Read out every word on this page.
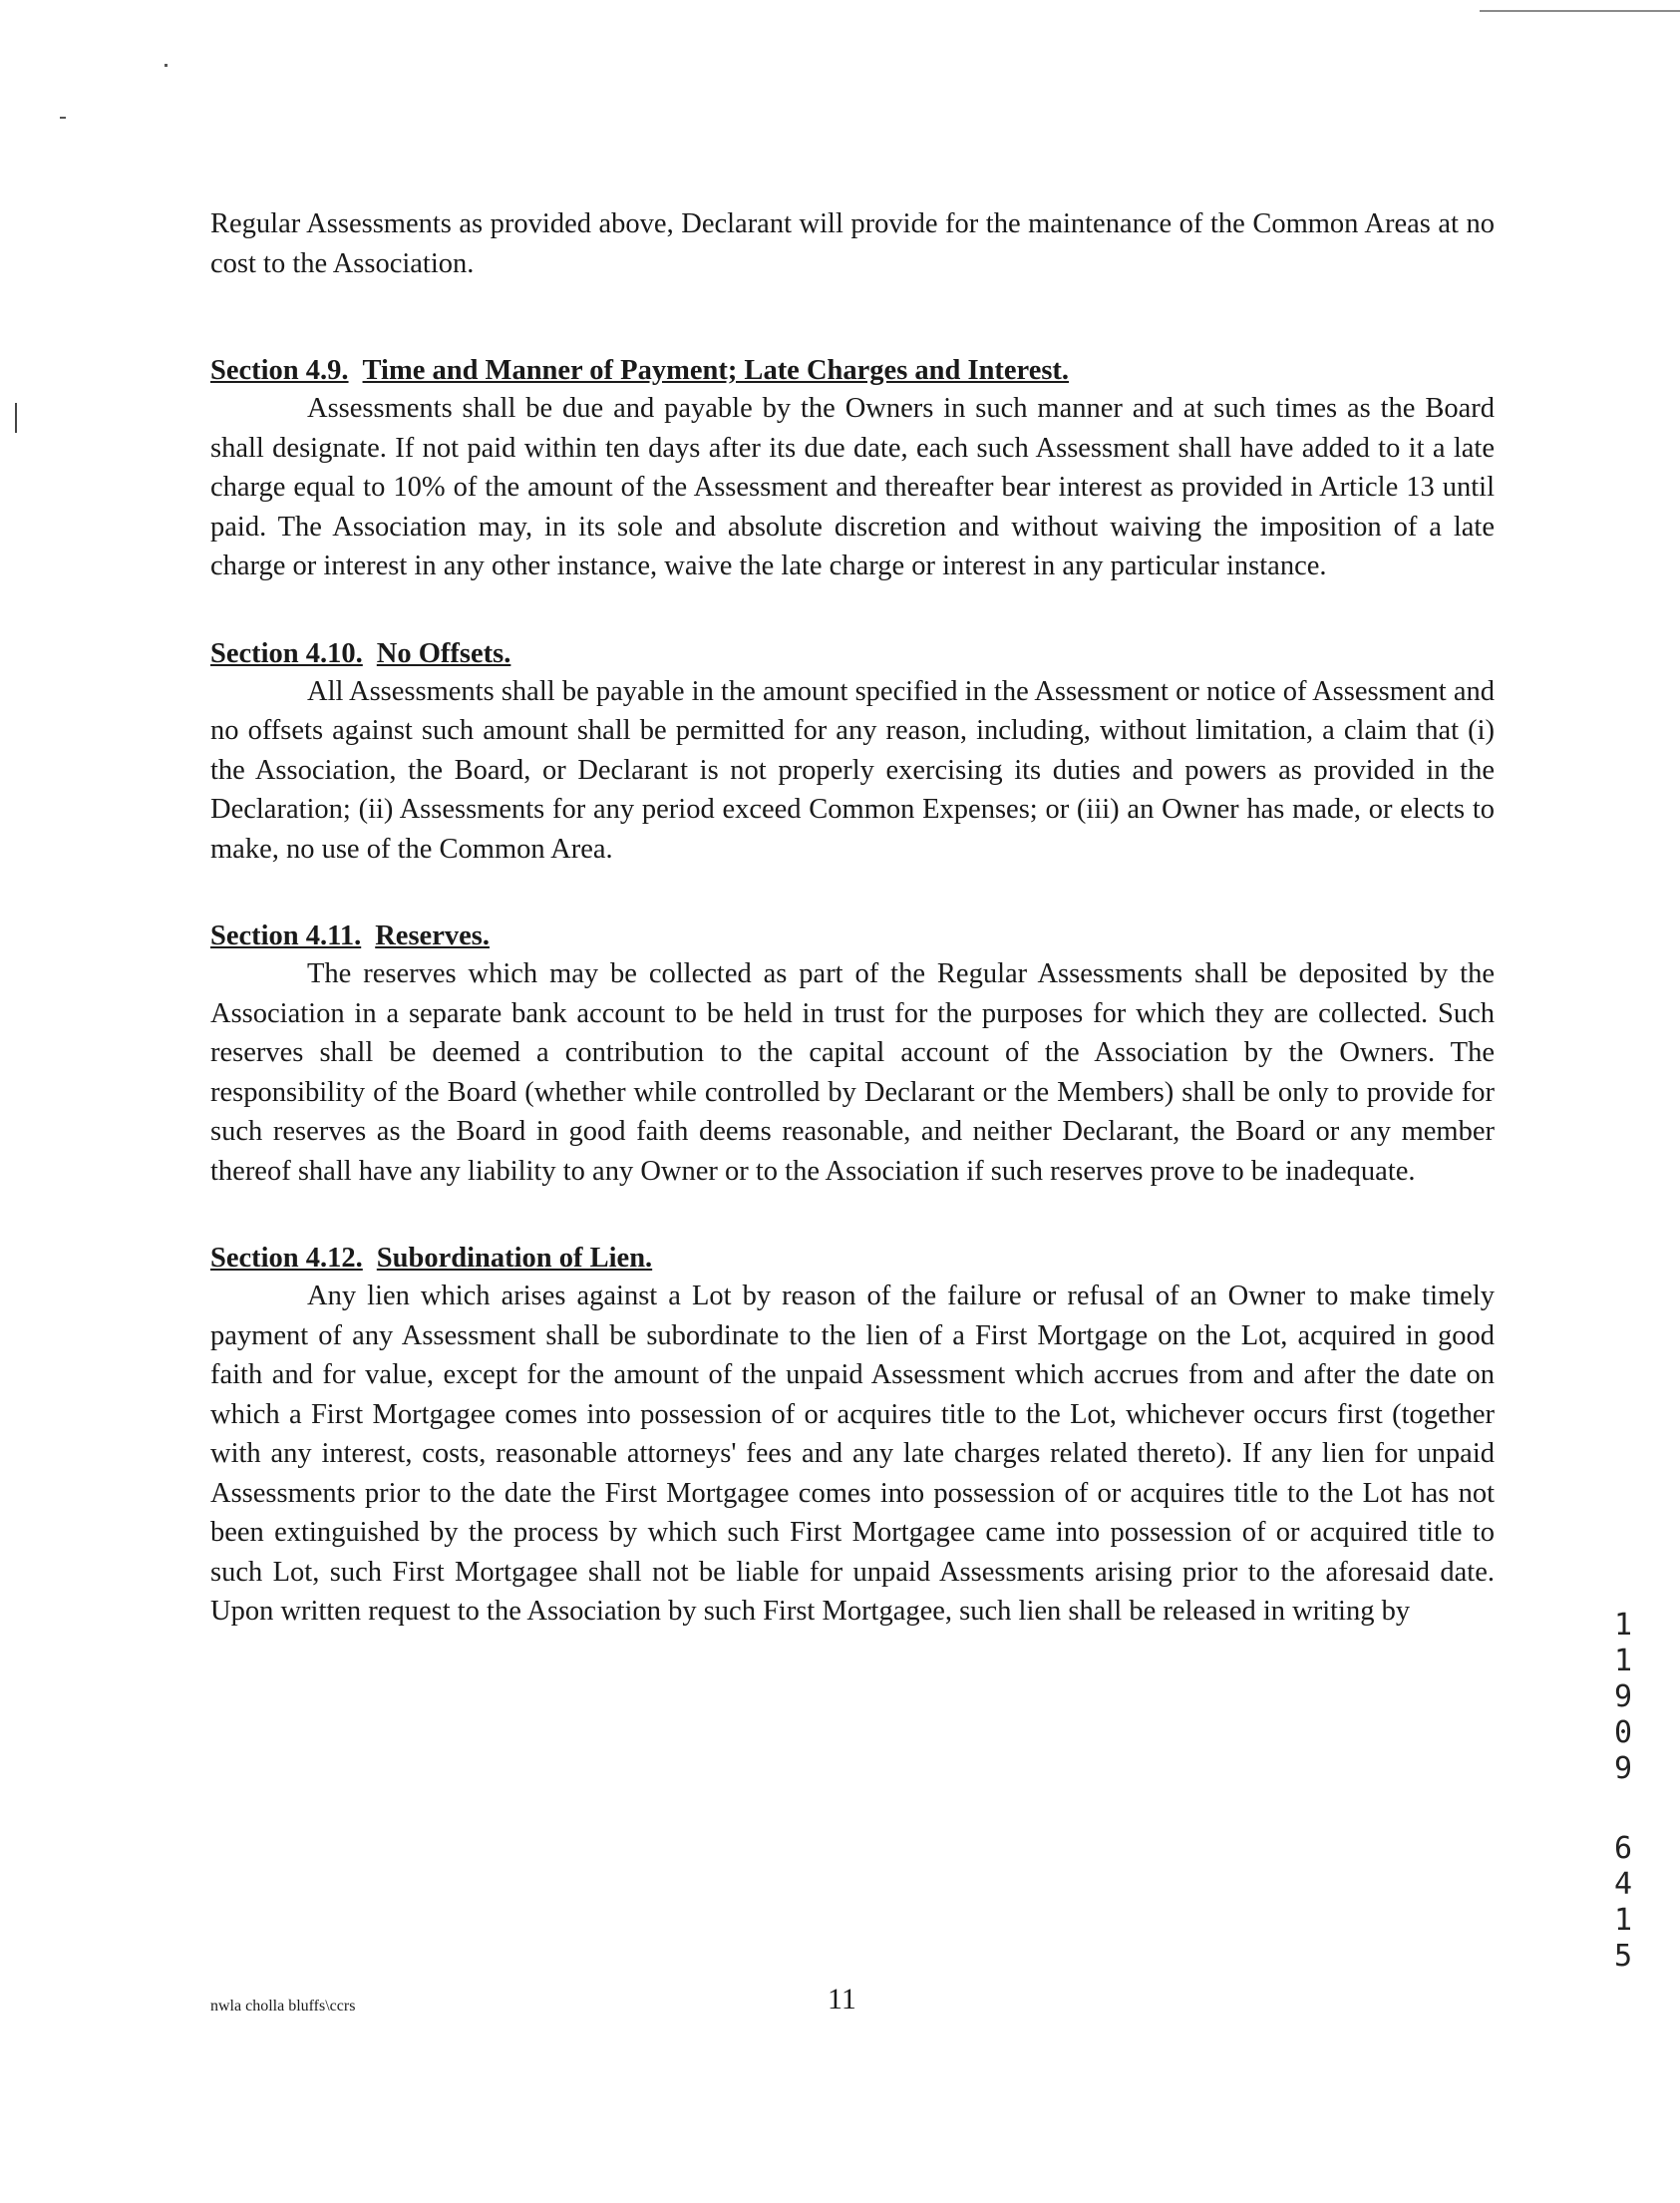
Regular Assessments as provided above, Declarant will provide for the maintenance of the Common Areas at no cost to the Association.

Section 4.9. Time and Manner of Payment; Late Charges and Interest.

Assessments shall be due and payable by the Owners in such manner and at such times as the Board shall designate. If not paid within ten days after its due date, each such Assessment shall have added to it a late charge equal to 10% of the amount of the Assessment and thereafter bear interest as provided in Article 13 until paid. The Association may, in its sole and absolute discretion and without waiving the imposition of a late charge or interest in any other instance, waive the late charge or interest in any particular instance.

Section 4.10. No Offsets.

All Assessments shall be payable in the amount specified in the Assessment or notice of Assessment and no offsets against such amount shall be permitted for any reason, including, without limitation, a claim that (i) the Association, the Board, or Declarant is not properly exercising its duties and powers as provided in the Declaration; (ii) Assessments for any period exceed Common Expenses; or (iii) an Owner has made, or elects to make, no use of the Common Area.

Section 4.11. Reserves.

The reserves which may be collected as part of the Regular Assessments shall be deposited by the Association in a separate bank account to be held in trust for the purposes for which they are collected. Such reserves shall be deemed a contribution to the capital account of the Association by the Owners. The responsibility of the Board (whether while controlled by Declarant or the Members) shall be only to provide for such reserves as the Board in good faith deems reasonable, and neither Declarant, the Board or any member thereof shall have any liability to any Owner or to the Association if such reserves prove to be inadequate.

Section 4.12. Subordination of Lien.

Any lien which arises against a Lot by reason of the failure or refusal of an Owner to make timely payment of any Assessment shall be subordinate to the lien of a First Mortgage on the Lot, acquired in good faith and for value, except for the amount of the unpaid Assessment which accrues from and after the date on which a First Mortgagee comes into possession of or acquires title to the Lot, whichever occurs first (together with any interest, costs, reasonable attorneys' fees and any late charges related thereto). If any lien for unpaid Assessments prior to the date the First Mortgagee comes into possession of or acquires title to the Lot has not been extinguished by the process by which such First Mortgagee came into possession of or acquired title to such Lot, such First Mortgagee shall not be liable for unpaid Assessments arising prior to the aforesaid date. Upon written request to the Association by such First Mortgagee, such lien shall be released in writing by

nwla cholla bluffs\ccrs	11
1
1
9
0
9
6
4
1
5
